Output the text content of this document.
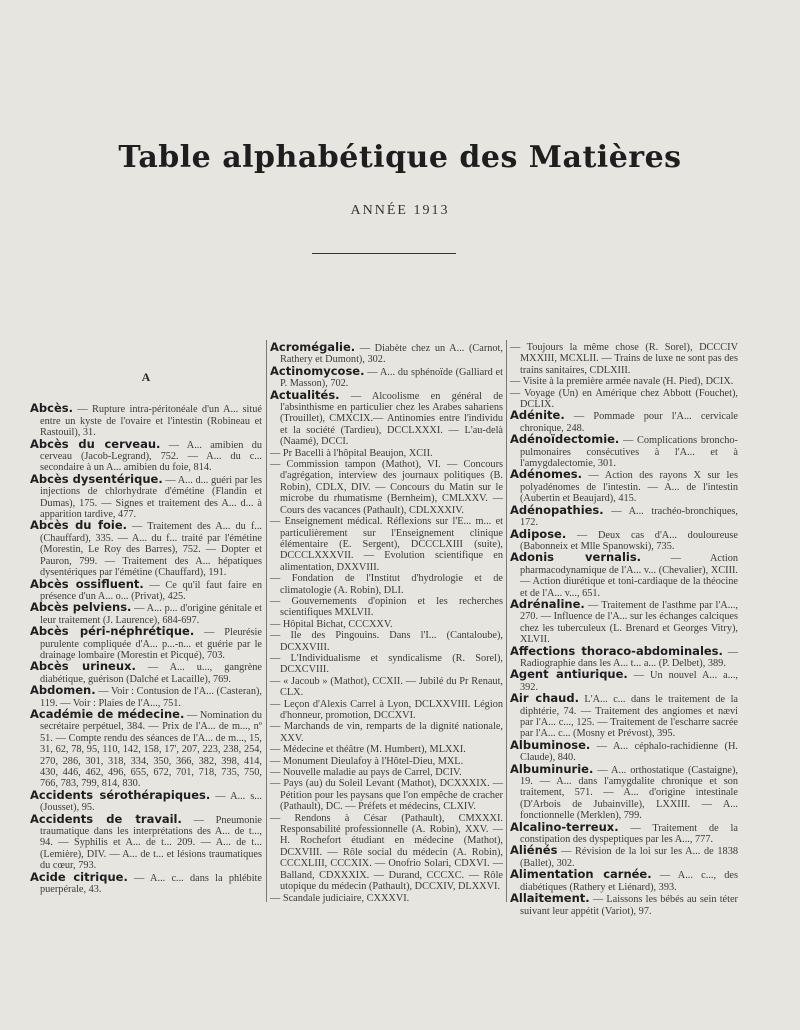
Table alphabétique des Matières
ANNÉE 1913
A

Abcès. — Rupture intra-péritonéale d'un A... situé entre un kyste de l'ovaire et l'intestin (Robineau et Rastouil), 31.

Abcès du cerveau. — A... amibien du cerveau (Jacob-Legrand), 752. — A... du c... secondaire à un A... amibien du foie, 814.

Abcès dysentérique. — A... d... guéri par les injections de chlorhydrate d'émétine (Flandin et Dumas), 175. — Signes et traitement des A... d... à apparition tardive, 477.

Abcès du foie. — Traitement des A... du f... (Chauffard), 335. — A... du f... traité par l'émétine (Morestin, Le Roy des Barres), 752. — Dopter et Pauron, 799. — Traitement des A... hépatiques dysentériques par l'émétine (Chauffard), 191.

Abcès ossifluent. — Ce qu'il faut faire en présence d'un A... o... (Privat), 425.

Abcès pelviens. — A... p... d'origine génitale et leur traitement (J. Laurence), 684-697.

Abcès péri-néphrétique. — Pleurésie purulente compliquée d'A... p...-n... et guérie par le drainage lombaire (Morestin et Picqué), 703.

Abcès urineux. — A... u..., gangrène diabétique, guérison (Dalché et Lacaille), 769.

Abdomen. — Voir : Contusion de l'A... (Casteran), 119. — Voir : Plaies de l'A..., 751.

Académie de médecine. — Nomination du secrétaire perpétuel, 384. — Prix de l'A... de m..., nº 51. — Compte rendu des séances de l'A... de m..., 15, 31, 62, 78, 95, 110, 142, 158, 17', 207, 223, 238, 254, 270, 286, 301, 318, 334, 350, 366, 382, 398, 414, 430, 446, 462, 496, 655, 672, 701, 718, 735, 750, 766, 783, 799, 814, 830.

Accidents sérothérapiques. — A... s... (Jousset), 95.

Accidents de travail. — Pneumonie traumatique dans les interprétations des A... de t..., 94. — Syphilis et A... de t... 209. — A... de t... (Lemière), DIV. — A... de t... et lésions traumatiques du cœur, 793.

Acide citrique. — A... c... dans la phlébite puerpérale, 43.

Acromégalie. — Diabète chez un A... (Carnot, Rathery et Dumont), 302.

Actinomycose. — A... du sphénoïde (Galliard et P. Masson), 702.

Actualités. — Alcoolisme en général de l'absinthisme en particulier chez les Arabes sahariens (Trouillet), CMXCIX.— Antinomies entre l'individu et la société (Tardieu), DCCLXXXI. — L'au-delà (Naamé), DCCI.

— Pr Bacelli à l'hôpital Beaujon, XCII.

— Commission tampon (Mathot), VI. — Concours d'agrégation, interview des journaux politiques (B. Robin), CDLX, DIV. — Concours du Matin sur le microbe du rhumatisme (Bernheim), CMLXXV. — Cours des vacances (Pathault), CDLXXXIV.

— Enseignement médical. Réflexions sur l'E... m... et particulièrement sur l'Enseignement clinique élémentaire (E. Sergent), DCCCLXIII (suite), DCCCLXXXVII. — Evolution scientifique en alimentation, DXXVIII.

— Fondation de l'Institut d'hydrologie et de climatologie (A. Robin), DLI.

— Gouvernements d'opinion et les recherches scientifiques MXLVII.

— Hôpital Bichat, CCCXXV.

— Ile des Pingouins. Dans l'I... (Cantaloube), DCXXVIII.

— L'Individualisme et syndicalisme (R. Sorel), DCXCVIII.

— « Jacoub » (Mathot), CCXII. — Jubilé du Pr Renaut, CLX.

— Leçon d'Alexis Carrel à Lyon, DCLXXVIII. Légion d'honneur, promotion, DCCXVI.

— Marchands de vin, remparts de la dignité nationale, XXV.

— Médecine et théâtre (M. Humbert), MLXXI.

— Monument Dieulafoy à l'Hôtel-Dieu, MXL.

— Nouvelle maladie au pays de Carrel, DCIV.

— Pays (au) du Soleil Levant (Mathot), DCXXXIX. — Pétition pour les paysans que l'on empêche de cracher (Pathault), DC. — Préfets et médecins, CLXIV.

— Rendons à César (Pathault), CMXXXI. Responsabilité professionnelle (A. Robin), XXV. — H. Rochefort étudiant en médecine (Mathot), DCXVIII. — Rôle social du médecin (A. Robin), CCCXLIII, CCCXIX. — Onofrio Solari, CDXVI. — Balland, CDXXXIX. — Durand, CCCXC. — Rôle utopique du médecin (Pathault), DCCXIV, DLXXVI.

— Scandale judiciaire, CXXXVI.

— Toujours la même chose (R. Sorel), DCCCIV MXXIII, MCXLII. — Trains de luxe ne sont pas des trains sanitaires, CDLXIII.

— Visite à la première armée navale (H. Pied), DCIX.

— Voyage (Un) en Amérique chez Abbott (Fouchet), DCLIX.

Adénite. — Pommade pour l'A... cervicale chronique, 248.

Adénoïdectomie. — Complications broncho-pulmonaires consécutives à l'A... et à l'amygdalectomie, 301.

Adénomes. — Action des rayons X sur les polyadénomes de l'intestin. — A... de l'intestin (Aubertin et Beaujard), 415.

Adénopathies. — A... trachéo-bronchiques, 172.

Adipose. — Deux cas d'A... douloureuse (Babonneix et Mlle Spanowski), 735.

Adonis vernalis. — Action pharmacodynamique de l'A... v... (Chevalier), XCIII. — Action diurétique et toni-cardiaque de la théocine et de l'A... v..., 651.

Adrénaline. — Traitement de l'asthme par l'A..., 270. — Influence de l'A... sur les échanges calciques chez les tuberculeux (L. Brenard et Georges Vitry), XLVII.

Affections thoraco-abdominales. — Radiographie dans les A... t... a... (P. Delbet), 389.

Agent antiurique. — Un nouvel A... a..., 392.

Air chaud. L'A... c... dans le traitement de la diphtérie, 74. — Traitement des angiomes et nævi par l'A... c..., 125. — Traitement de l'escharre sacrée par l'A... c... (Mosny et Prévost), 395.

Albuminose. — A... céphalo-rachidienne (H. Claude), 840.

Albuminurie. — A... orthostatique (Castaigne), 19. — A... dans l'amygdalite chronique et son traitement, 571. — A... d'origine intestinale (D'Arbois de Jubainville), LXXIII. — A... fonctionnelle (Merklen), 799.

Alcalino-terreux. — Traitement de la constipation des dyspeptiques par les A..., 777.

Aliénés — Révision de la loi sur les A... de 1838 (Ballet), 302.

Alimentation carnée. — A... c..., des diabétiques (Rathery et Liénard), 393.

Allaitement. — Laissons les bébés au sein téter suivant leur appétit (Variot), 97.
